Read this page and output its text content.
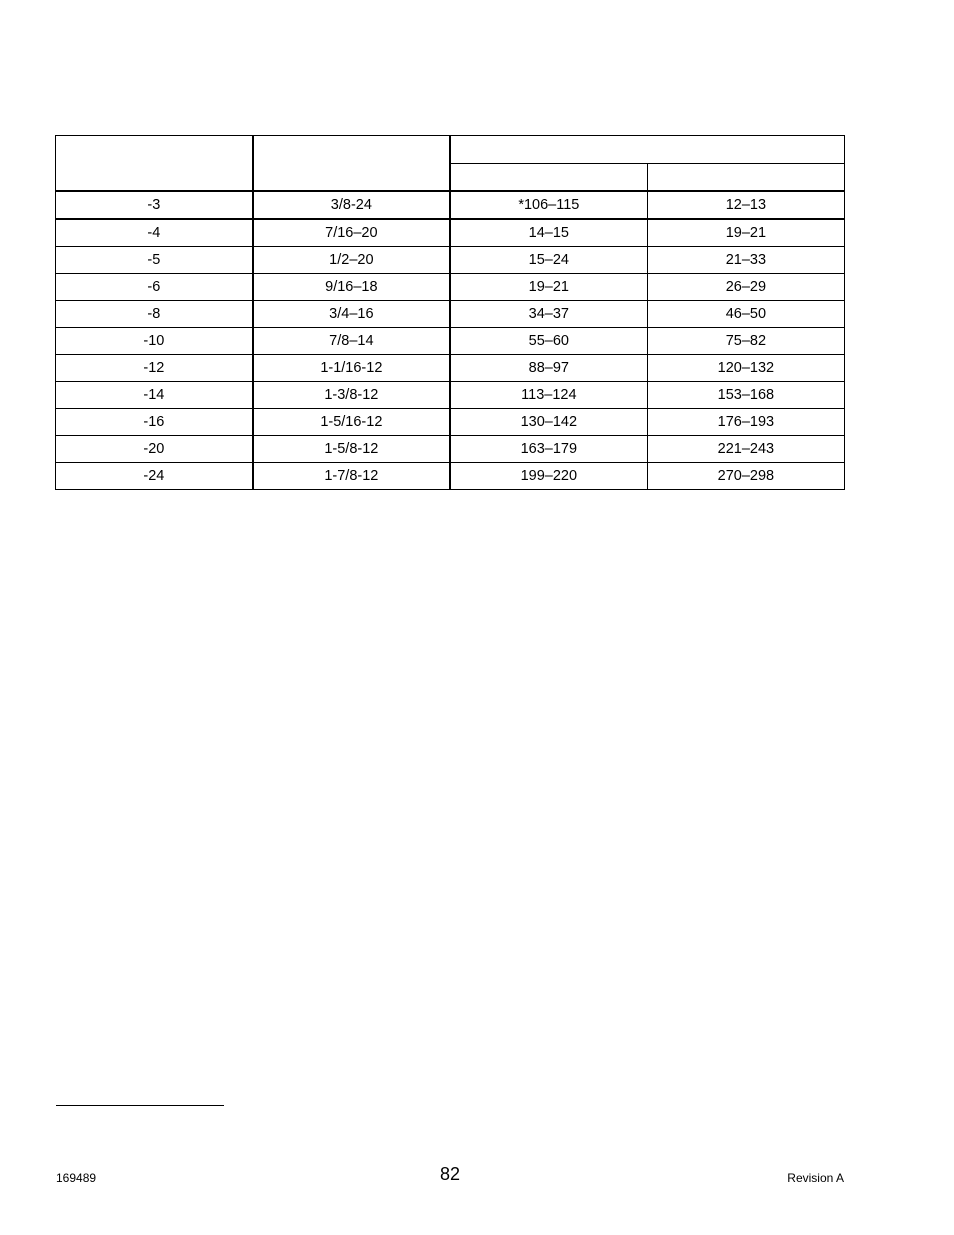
-3	3/8-24	*106–115	12–13
-4	7/16–20	14–15	19–21
-5	1/2–20	15–24	21–33
-6	9/16–18	19–21	26–29
-8	3/4–16	34–37	46–50
-10	7/8–14	55–60	75–82
-12	1-1/16-12	88–97	120–132
-14	1-3/8-12	113–124	153–168
-16	1-5/16-12	130–142	176–193
-20	1-5/8-12	163–179	221–243
-24	1-7/8-12	199–220	270–298
169489	82	Revision A
